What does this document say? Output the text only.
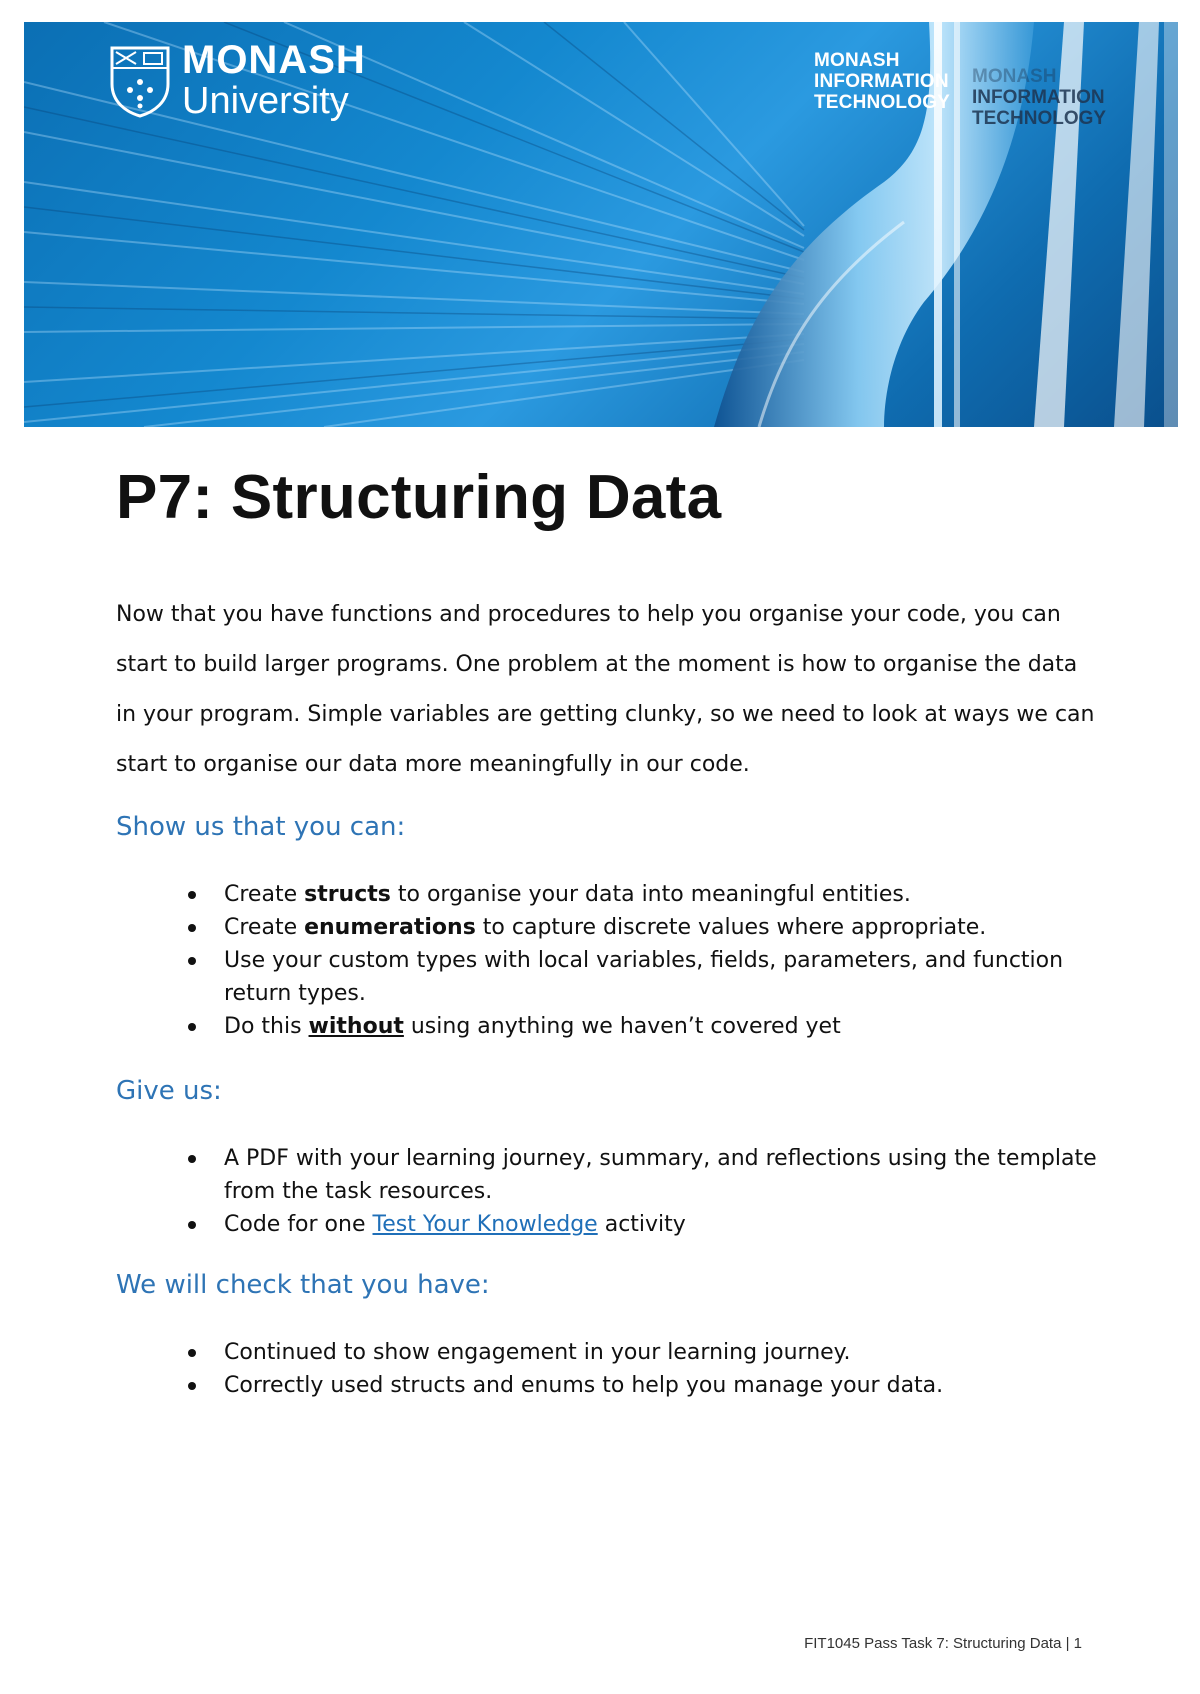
MONASH
University
MONASH
INFORMATION
TECHNOLOGY
MONASH
INFORMATION
TECHNOLOGY
P7: Structuring Data

Now that you have functions and procedures to help you organise your code, you can start to build larger programs. One problem at the moment is how to organise the data in your program. Simple variables are getting clunky, so we need to look at ways we can start to organise our data more meaningfully in our code.

Show us that you can:
Create structs to organise your data into meaningful entities.
Create enumerations to capture discrete values where appropriate.
Use your custom types with local variables, fields, parameters, and function return types.
Do this without using anything we haven’t covered yet
Give us:
A PDF with your learning journey, summary, and reflections using the template from the task resources.
Code for one Test Your Knowledge activity
We will check that you have:
Continued to show engagement in your learning journey.
Correctly used structs and enums to help you manage your data.
FIT1045 Pass Task 7: Structuring Data | 1
